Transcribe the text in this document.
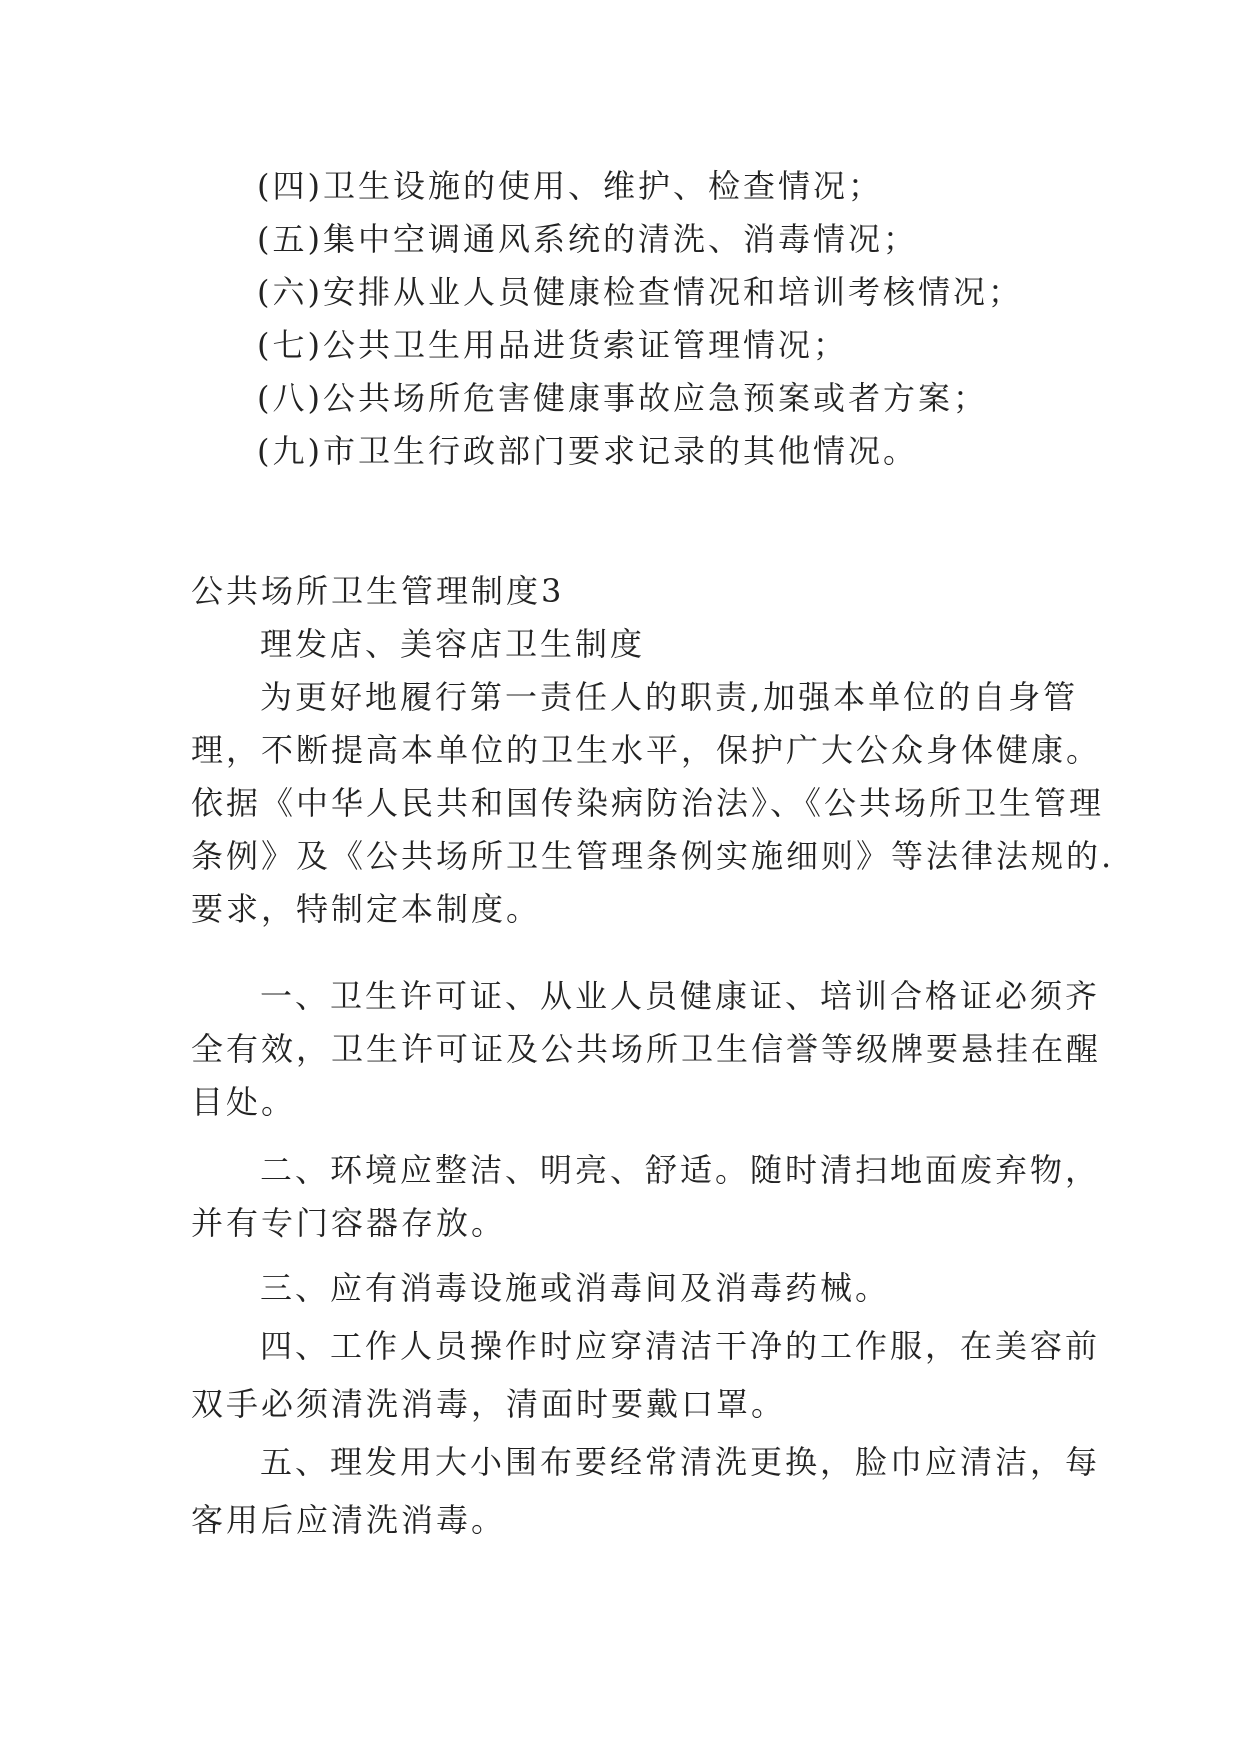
(四)卫生设施的使用、维护、检查情况；
(五)集中空调通风系统的清洗、消毒情况；
(六)安排从业人员健康检查情况和培训考核情况；
(七)公共卫生用品进货索证管理情况；
(八)公共场所危害健康事故应急预案或者方案；
(九)市卫生行政部门要求记录的其他情况。
公共场所卫生管理制度3
理发店、美容店卫生制度
为更好地履行第一责任人的职责,加强本单位的自身管
理，不断提高本单位的卫生水平，保护广大公众身体健康。
依据《中华人民共和国传染病防治法》、《公共场所卫生管理
条例》及《公共场所卫生管理条例实施细则》等法律法规的.
要求，特制定本制度。
一、卫生许可证、从业人员健康证、培训合格证必须齐
全有效，卫生许可证及公共场所卫生信誉等级牌要悬挂在醒
目处。
二、环境应整洁、明亮、舒适。随时清扫地面废弃物，
并有专门容器存放。
三、应有消毒设施或消毒间及消毒药械。
四、工作人员操作时应穿清洁干净的工作服，在美容前
双手必须清洗消毒，清面时要戴口罩。
五、理发用大小围布要经常清洗更换，脸巾应清洁，每
客用后应清洗消毒。
